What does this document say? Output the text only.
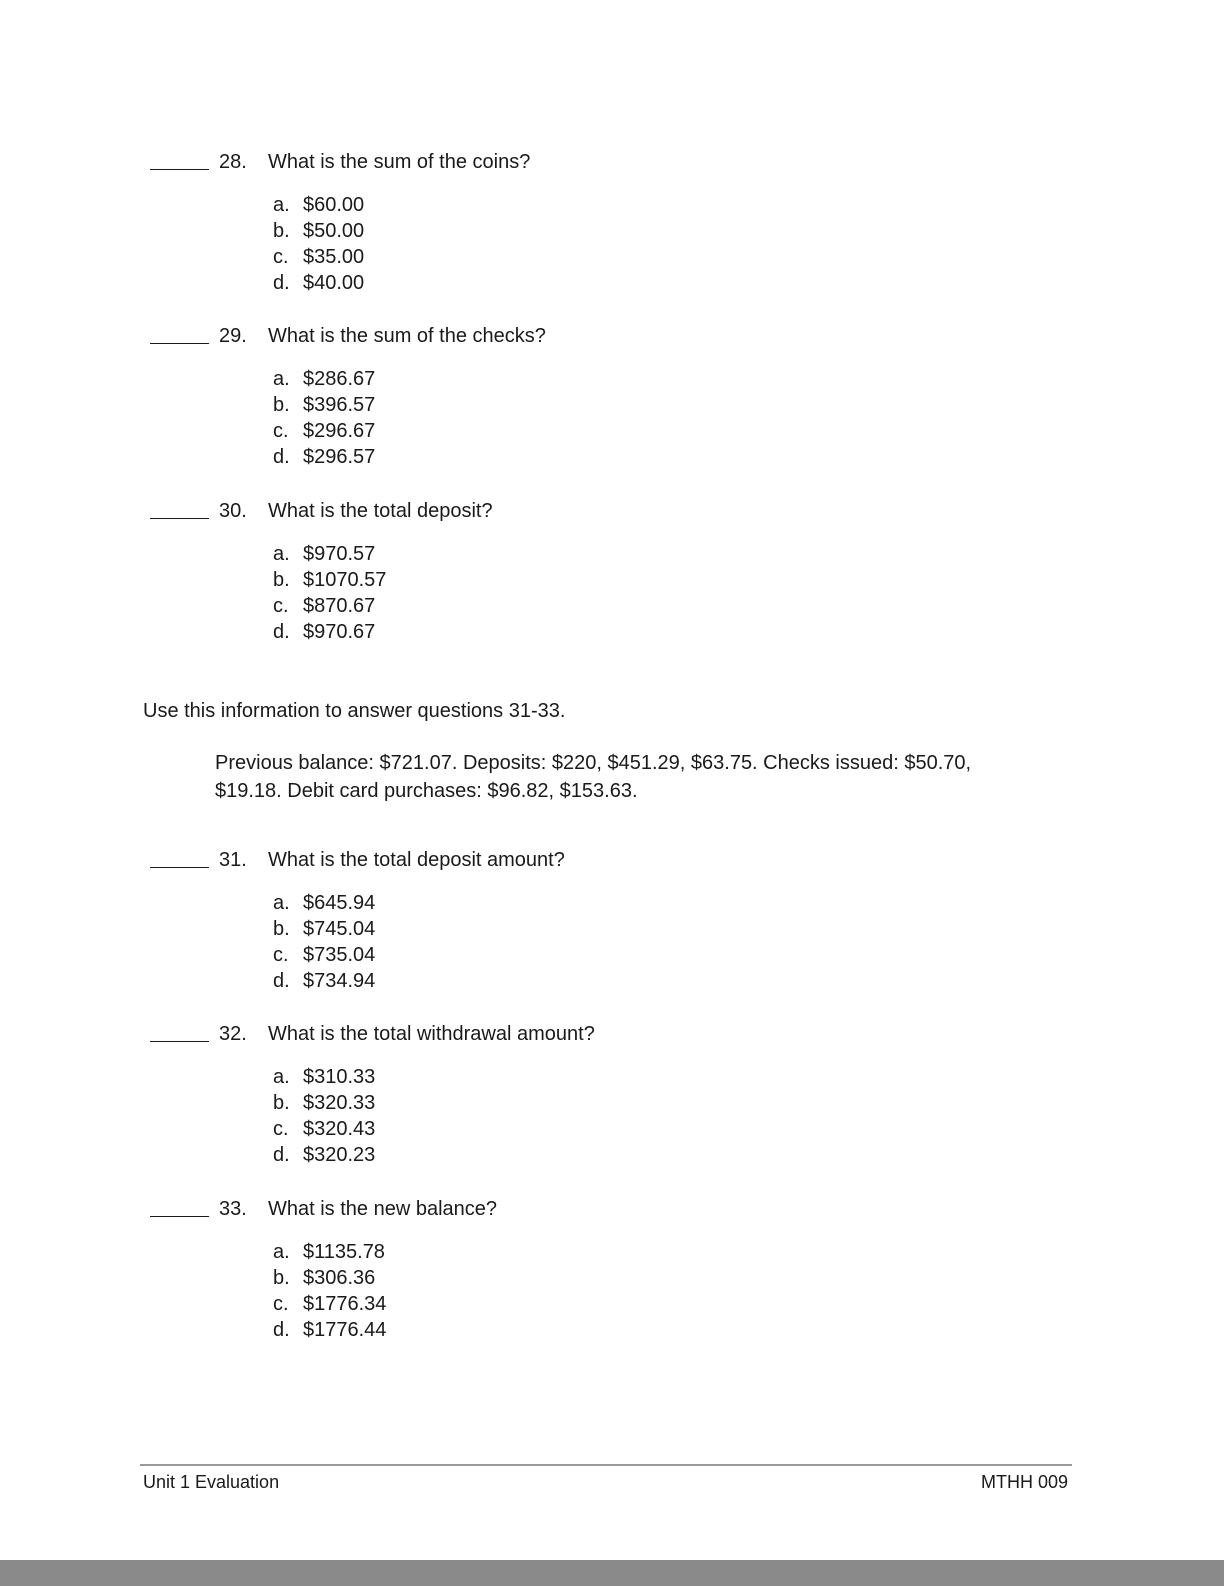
28. What is the sum of the coins?
a. $60.00
b. $50.00
c. $35.00
d. $40.00
29. What is the sum of the checks?
a. $286.67
b. $396.57
c. $296.67
d. $296.57
30. What is the total deposit?
a. $970.57
b. $1070.57
c. $870.67
d. $970.67
Use this information to answer questions 31-33.
Previous balance: $721.07. Deposits: $220, $451.29, $63.75. Checks issued: $50.70, $19.18. Debit card purchases: $96.82, $153.63.
31. What is the total deposit amount?
a. $645.94
b. $745.04
c. $735.04
d. $734.94
32. What is the total withdrawal amount?
a. $310.33
b. $320.33
c. $320.43
d. $320.23
33. What is the new balance?
a. $1135.78
b. $306.36
c. $1776.34
d. $1776.44
Unit 1 Evaluation	MTHH 009
